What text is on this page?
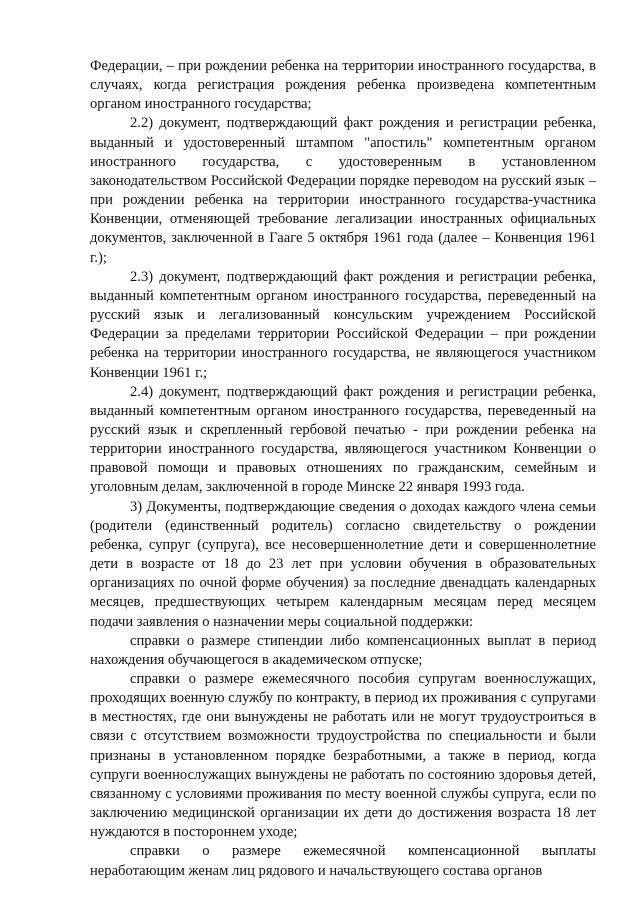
Федерации, – при рождении ребенка на территории иностранного государства, в случаях, когда регистрация рождения ребенка произведена компетентным органом иностранного государства;

2.2) документ, подтверждающий факт рождения и регистрации ребенка, выданный и удостоверенный штампом "апостиль" компетентным органом иностранного государства, с удостоверенным в установленном законодательством Российской Федерации порядке переводом на русский язык – при рождении ребенка на территории иностранного государства-участника Конвенции, отменяющей требование легализации иностранных официальных документов, заключенной в Гааге 5 октября 1961 года (далее – Конвенция 1961 г.);

2.3) документ, подтверждающий факт рождения и регистрации ребенка, выданный компетентным органом иностранного государства, переведенный на русский язык и легализованный консульским учреждением Российской Федерации за пределами территории Российской Федерации – при рождении ребенка на территории иностранного государства, не являющегося участником Конвенции 1961 г.;

2.4) документ, подтверждающий факт рождения и регистрации ребенка, выданный компетентным органом иностранного государства, переведенный на русский язык и скрепленный гербовой печатью - при рождении ребенка на территории иностранного государства, являющегося участником Конвенции о правовой помощи и правовых отношениях по гражданским, семейным и уголовным делам, заключенной в городе Минске 22 января 1993 года.

3) Документы, подтверждающие сведения о доходах каждого члена семьи (родители (единственный родитель) согласно свидетельству о рождении ребенка, супруг (супруга), все несовершеннолетние дети и совершеннолетние дети в возрасте от 18 до 23 лет при условии обучения в образовательных организациях по очной форме обучения) за последние двенадцать календарных месяцев, предшествующих четырем календарным месяцам перед месяцем подачи заявления о назначении меры социальной поддержки:

справки о размере стипендии либо компенсационных выплат в период нахождения обучающегося в академическом отпуске;

справки о размере ежемесячного пособия супругам военнослужащих, проходящих военную службу по контракту, в период их проживания с супругами в местностях, где они вынуждены не работать или не могут трудоустроиться в связи с отсутствием возможности трудоустройства по специальности и были признаны в установленном порядке безработными, а также в период, когда супруги военнослужащих вынуждены не работать по состоянию здоровья детей, связанному с условиями проживания по месту военной службы супруга, если по заключению медицинской организации их дети до достижения возраста 18 лет нуждаются в постороннем уходе;

справки о размере ежемесячной компенсационной выплаты неработающим женам лиц рядового и начальствующего состава органов
